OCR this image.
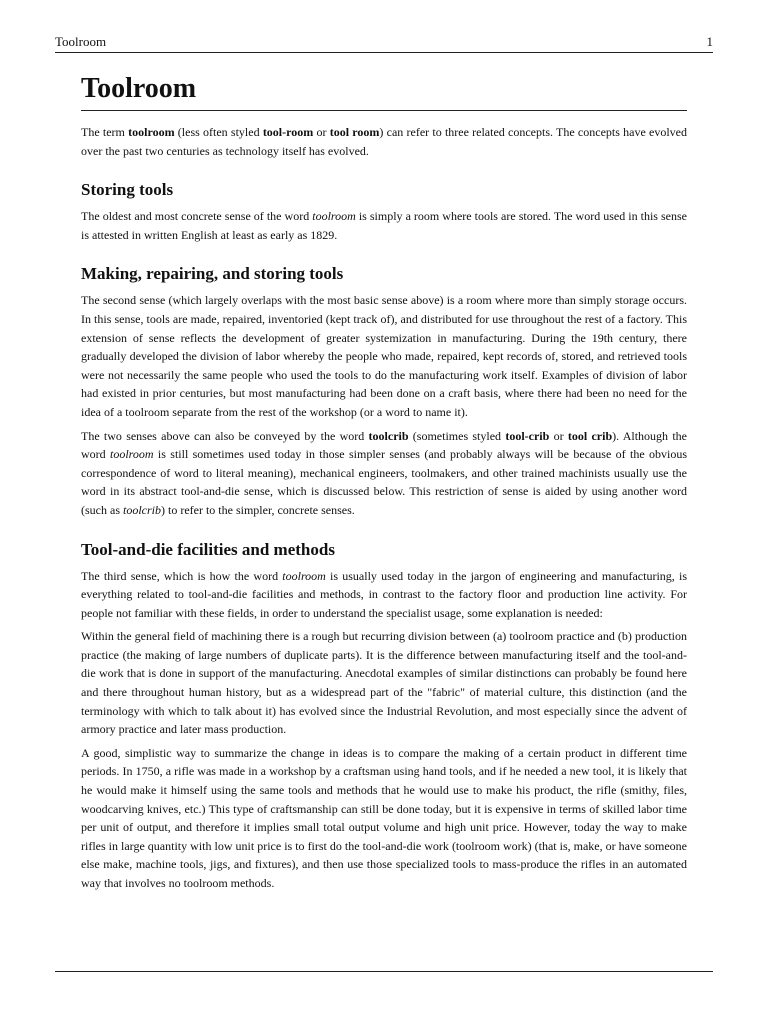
Toolroom	1
Toolroom

The term toolroom (less often styled tool-room or tool room) can refer to three related concepts. The concepts have evolved over the past two centuries as technology itself has evolved.

Storing tools

The oldest and most concrete sense of the word toolroom is simply a room where tools are stored. The word used in this sense is attested in written English at least as early as 1829.

Making, repairing, and storing tools

The second sense (which largely overlaps with the most basic sense above) is a room where more than simply storage occurs. In this sense, tools are made, repaired, inventoried (kept track of), and distributed for use throughout the rest of a factory. This extension of sense reflects the development of greater systemization in manufacturing. During the 19th century, there gradually developed the division of labor whereby the people who made, repaired, kept records of, stored, and retrieved tools were not necessarily the same people who used the tools to do the manufacturing work itself. Examples of division of labor had existed in prior centuries, but most manufacturing had been done on a craft basis, where there had been no need for the idea of a toolroom separate from the rest of the workshop (or a word to name it).

The two senses above can also be conveyed by the word toolcrib (sometimes styled tool-crib or tool crib). Although the word toolroom is still sometimes used today in those simpler senses (and probably always will be because of the obvious correspondence of word to literal meaning), mechanical engineers, toolmakers, and other trained machinists usually use the word in its abstract tool-and-die sense, which is discussed below. This restriction of sense is aided by using another word (such as toolcrib) to refer to the simpler, concrete senses.

Tool-and-die facilities and methods

The third sense, which is how the word toolroom is usually used today in the jargon of engineering and manufacturing, is everything related to tool-and-die facilities and methods, in contrast to the factory floor and production line activity. For people not familiar with these fields, in order to understand the specialist usage, some explanation is needed:

Within the general field of machining there is a rough but recurring division between (a) toolroom practice and (b) production practice (the making of large numbers of duplicate parts). It is the difference between manufacturing itself and the tool-and-die work that is done in support of the manufacturing. Anecdotal examples of similar distinctions can probably be found here and there throughout human history, but as a widespread part of the "fabric" of material culture, this distinction (and the terminology with which to talk about it) has evolved since the Industrial Revolution, and most especially since the advent of armory practice and later mass production.

A good, simplistic way to summarize the change in ideas is to compare the making of a certain product in different time periods. In 1750, a rifle was made in a workshop by a craftsman using hand tools, and if he needed a new tool, it is likely that he would make it himself using the same tools and methods that he would use to make his product, the rifle (smithy, files, woodcarving knives, etc.) This type of craftsmanship can still be done today, but it is expensive in terms of skilled labor time per unit of output, and therefore it implies small total output volume and high unit price. However, today the way to make rifles in large quantity with low unit price is to first do the tool-and-die work (toolroom work) (that is, make, or have someone else make, machine tools, jigs, and fixtures), and then use those specialized tools to mass-produce the rifles in an automated way that involves no toolroom methods.
